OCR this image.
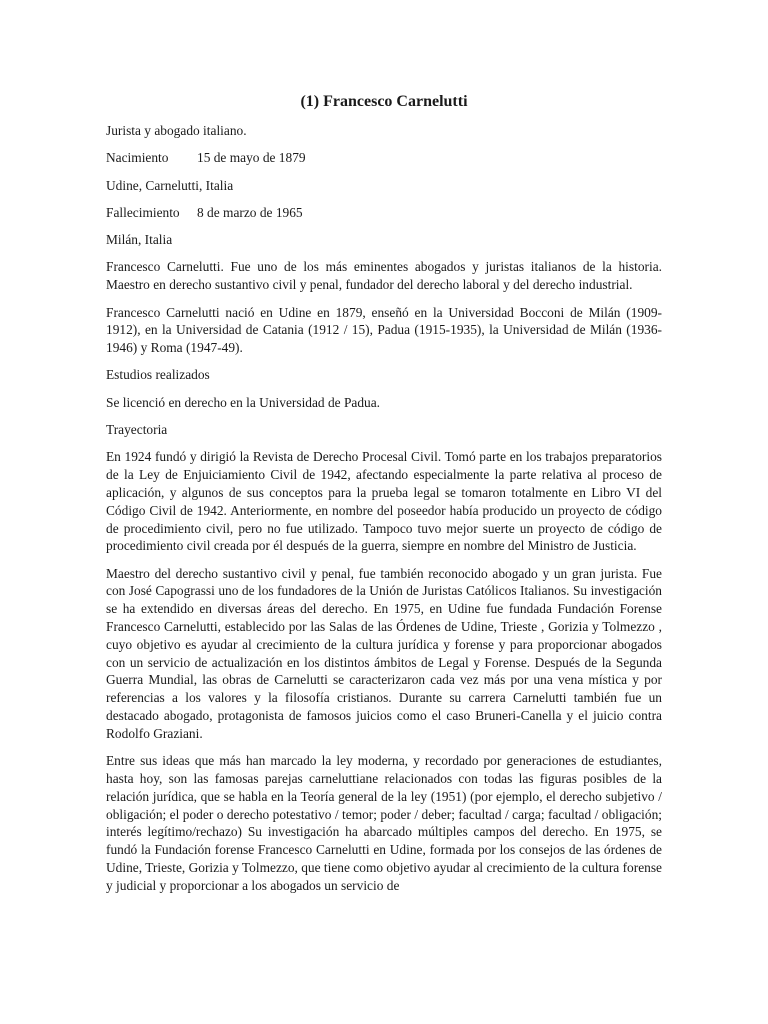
(1) Francesco Carnelutti

Jurista y abogado italiano.

Nacimiento 15 de mayo de 1879

Udine, Carnelutti, Italia

Fallecimiento 8 de marzo de 1965

Milán, Italia

Francesco Carnelutti. Fue uno de los más eminentes abogados y juristas italianos de la historia. Maestro en derecho sustantivo civil y penal, fundador del derecho laboral y del derecho industrial.

Francesco Carnelutti nació en Udine en 1879, enseñó en la Universidad Bocconi de Milán (1909-1912), en la Universidad de Catania (1912 / 15), Padua (1915-1935), la Universidad de Milán (1936-1946) y Roma (1947-49).

Estudios realizados

Se licenció en derecho en la Universidad de Padua.

Trayectoria

En 1924 fundó y dirigió la Revista de Derecho Procesal Civil. Tomó parte en los trabajos preparatorios de la Ley de Enjuiciamiento Civil de 1942, afectando especialmente la parte relativa al proceso de aplicación, y algunos de sus conceptos para la prueba legal se tomaron totalmente en Libro VI del Código Civil de 1942. Anteriormente, en nombre del poseedor había producido un proyecto de código de procedimiento civil, pero no fue utilizado. Tampoco tuvo mejor suerte un proyecto de código de procedimiento civil creada por él después de la guerra, siempre en nombre del Ministro de Justicia.

Maestro del derecho sustantivo civil y penal, fue también reconocido abogado y un gran jurista. Fue con José Capograssi uno de los fundadores de la Unión de Juristas Católicos Italianos. Su investigación se ha extendido en diversas áreas del derecho. En 1975, en Udine fue fundada Fundación Forense Francesco Carnelutti, establecido por las Salas de las Órdenes de Udine, Trieste , Gorizia y Tolmezzo , cuyo objetivo es ayudar al crecimiento de la cultura jurídica y forense y para proporcionar abogados con un servicio de actualización en los distintos ámbitos de Legal y Forense. Después de la Segunda Guerra Mundial, las obras de Carnelutti se caracterizaron cada vez más por una vena mística y por referencias a los valores y la filosofía cristianos. Durante su carrera Carnelutti también fue un destacado abogado, protagonista de famosos juicios como el caso Bruneri-Canella y el juicio contra Rodolfo Graziani.

Entre sus ideas que más han marcado la ley moderna, y recordado por generaciones de estudiantes, hasta hoy, son las famosas parejas carneluttiane relacionados con todas las figuras posibles de la relación jurídica, que se habla en la Teoría general de la ley (1951) (por ejemplo, el derecho subjetivo / obligación; el poder o derecho potestativo / temor; poder / deber; facultad / carga; facultad / obligación; interés legítimo/rechazo) Su investigación ha abarcado múltiples campos del derecho. En 1975, se fundó la Fundación forense Francesco Carnelutti en Udine, formada por los consejos de las órdenes de Udine, Trieste, Gorizia y Tolmezzo, que tiene como objetivo ayudar al crecimiento de la cultura forense y judicial y proporcionar a los abogados un servicio de
